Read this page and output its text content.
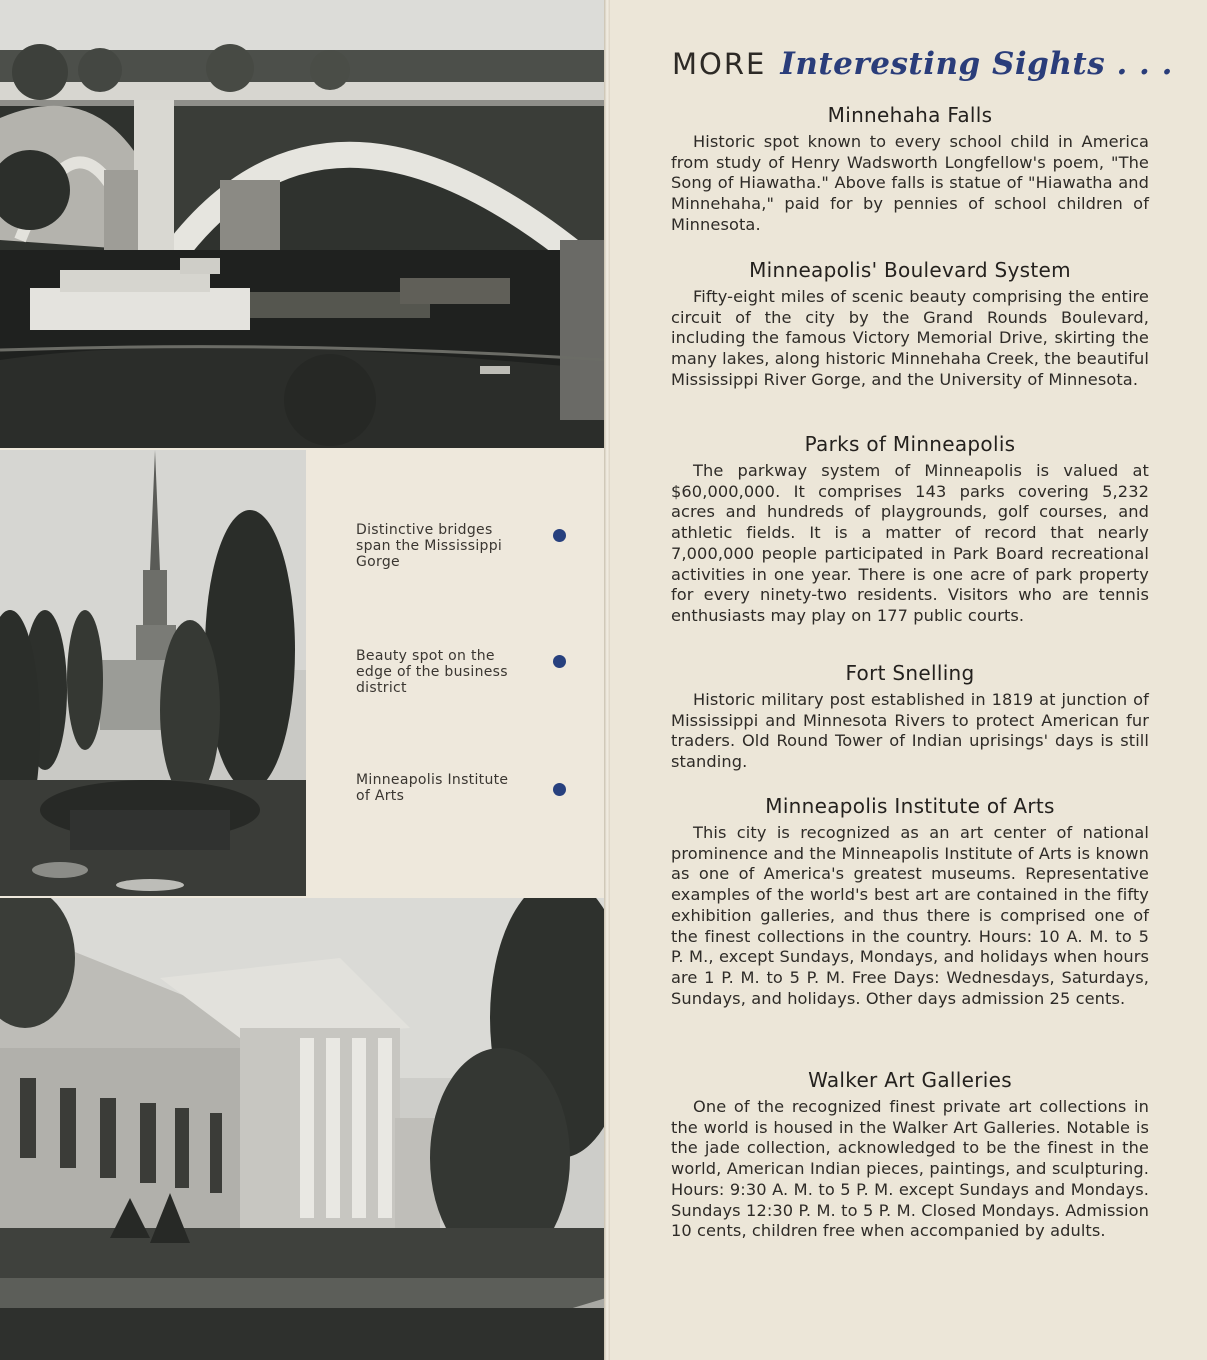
Distinctive bridges span the Mississippi Gorge
Beauty spot on the edge of the business district
Minneapolis Institute of Arts
MORE Interesting Sights . . .
Minnehaha Falls

Historic spot known to every school child in America from study of Henry Wadsworth Longfellow's poem, "The Song of Hiawatha." Above falls is statue of "Hiawatha and Minnehaha," paid for by pennies of school children of Minnesota.

Minneapolis' Boulevard System

Fifty-eight miles of scenic beauty comprising the entire circuit of the city by the Grand Rounds Boulevard, including the famous Victory Memorial Drive, skirting the many lakes, along historic Minnehaha Creek, the beautiful Mississippi River Gorge, and the University of Minnesota.

Parks of Minneapolis

The parkway system of Minneapolis is valued at $60,000,000. It comprises 143 parks covering 5,232 acres and hundreds of playgrounds, golf courses, and athletic fields. It is a matter of record that nearly 7,000,000 people participated in Park Board recreational activities in one year. There is one acre of park property for every ninety-two residents. Visitors who are tennis enthusiasts may play on 177 public courts.

Fort Snelling

Historic military post established in 1819 at junction of Mississippi and Minnesota Rivers to protect American fur traders. Old Round Tower of Indian uprisings' days is still standing.

Minneapolis Institute of Arts

This city is recognized as an art center of national prominence and the Minneapolis Institute of Arts is known as one of America's greatest museums. Representative examples of the world's best art are contained in the fifty exhibition galleries, and thus there is comprised one of the finest collections in the country. Hours: 10 A. M. to 5 P. M., except Sundays, Mondays, and holidays when hours are 1 P. M. to 5 P. M. Free Days: Wednesdays, Saturdays, Sundays, and holidays. Other days admission 25 cents.

Walker Art Galleries

One of the recognized finest private art collections in the world is housed in the Walker Art Galleries. Notable is the jade collection, acknowledged to be the finest in the world, American Indian pieces, paintings, and sculpturing. Hours: 9:30 A. M. to 5 P. M. except Sundays and Mondays. Sundays 12:30 P. M. to 5 P. M. Closed Mondays. Admission 10 cents, children free when accompanied by adults.
